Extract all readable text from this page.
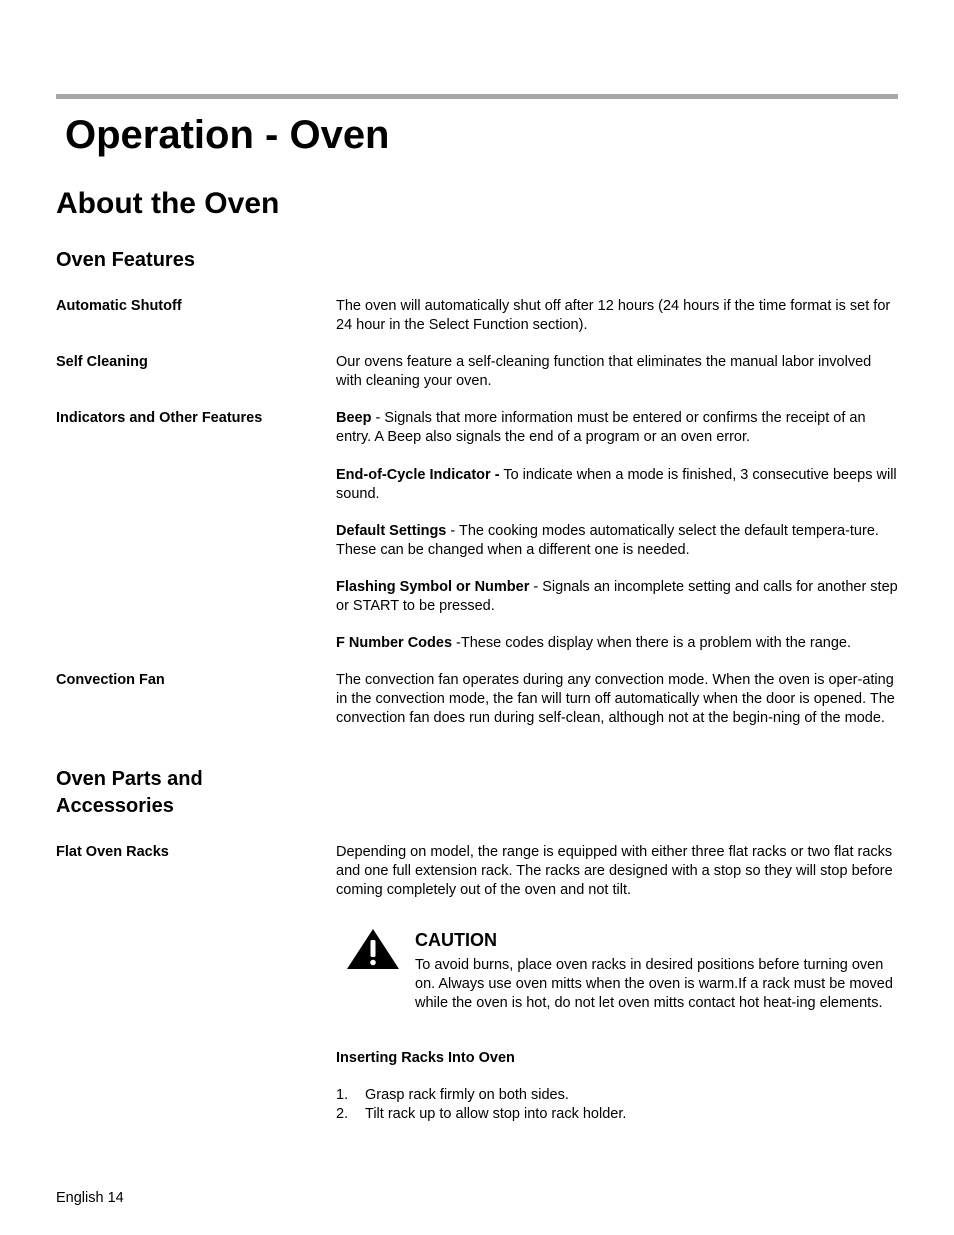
Operation - Oven
About the Oven
Oven Features
Automatic Shutoff	The oven will automatically shut off after 12 hours (24 hours if the time format is set for 24 hour in the Select Function section).
Self Cleaning	Our ovens feature a self-cleaning function that eliminates the manual labor involved with cleaning your oven.
Indicators and Other Features	Beep - Signals that more information must be entered or confirms the receipt of an entry. A Beep also signals the end of a program or an oven error.
End-of-Cycle Indicator - To indicate when a mode is finished, 3 consecutive beeps will sound.
Default Settings - The cooking modes automatically select the default tempera-ture. These can be changed when a different one is needed.
Flashing Symbol or Number - Signals an incomplete setting and calls for another step or START to be pressed.
F Number Codes -These codes display when there is a problem with the range.
Convection Fan	The convection fan operates during any convection mode. When the oven is oper-ating in the convection mode, the fan will turn off automatically when the door is opened. The convection fan does run during self-clean, although not at the begin-ning of the mode.
Oven Parts and
Accessories
Flat Oven Racks	Depending on model, the range is equipped with either three flat racks or two flat racks and one full extension rack. The racks are designed with a stop so they will stop before coming completely out of the oven and not tilt.
CAUTION
To avoid burns, place oven racks in desired positions before turning oven on. Always use oven mitts when the oven is warm.If a rack must be moved while the oven is hot, do not let oven mitts contact hot heat-ing elements.
Inserting Racks Into Oven
1.	Grasp rack firmly on both sides.
2.	Tilt rack up to allow stop into rack holder.
English 14
